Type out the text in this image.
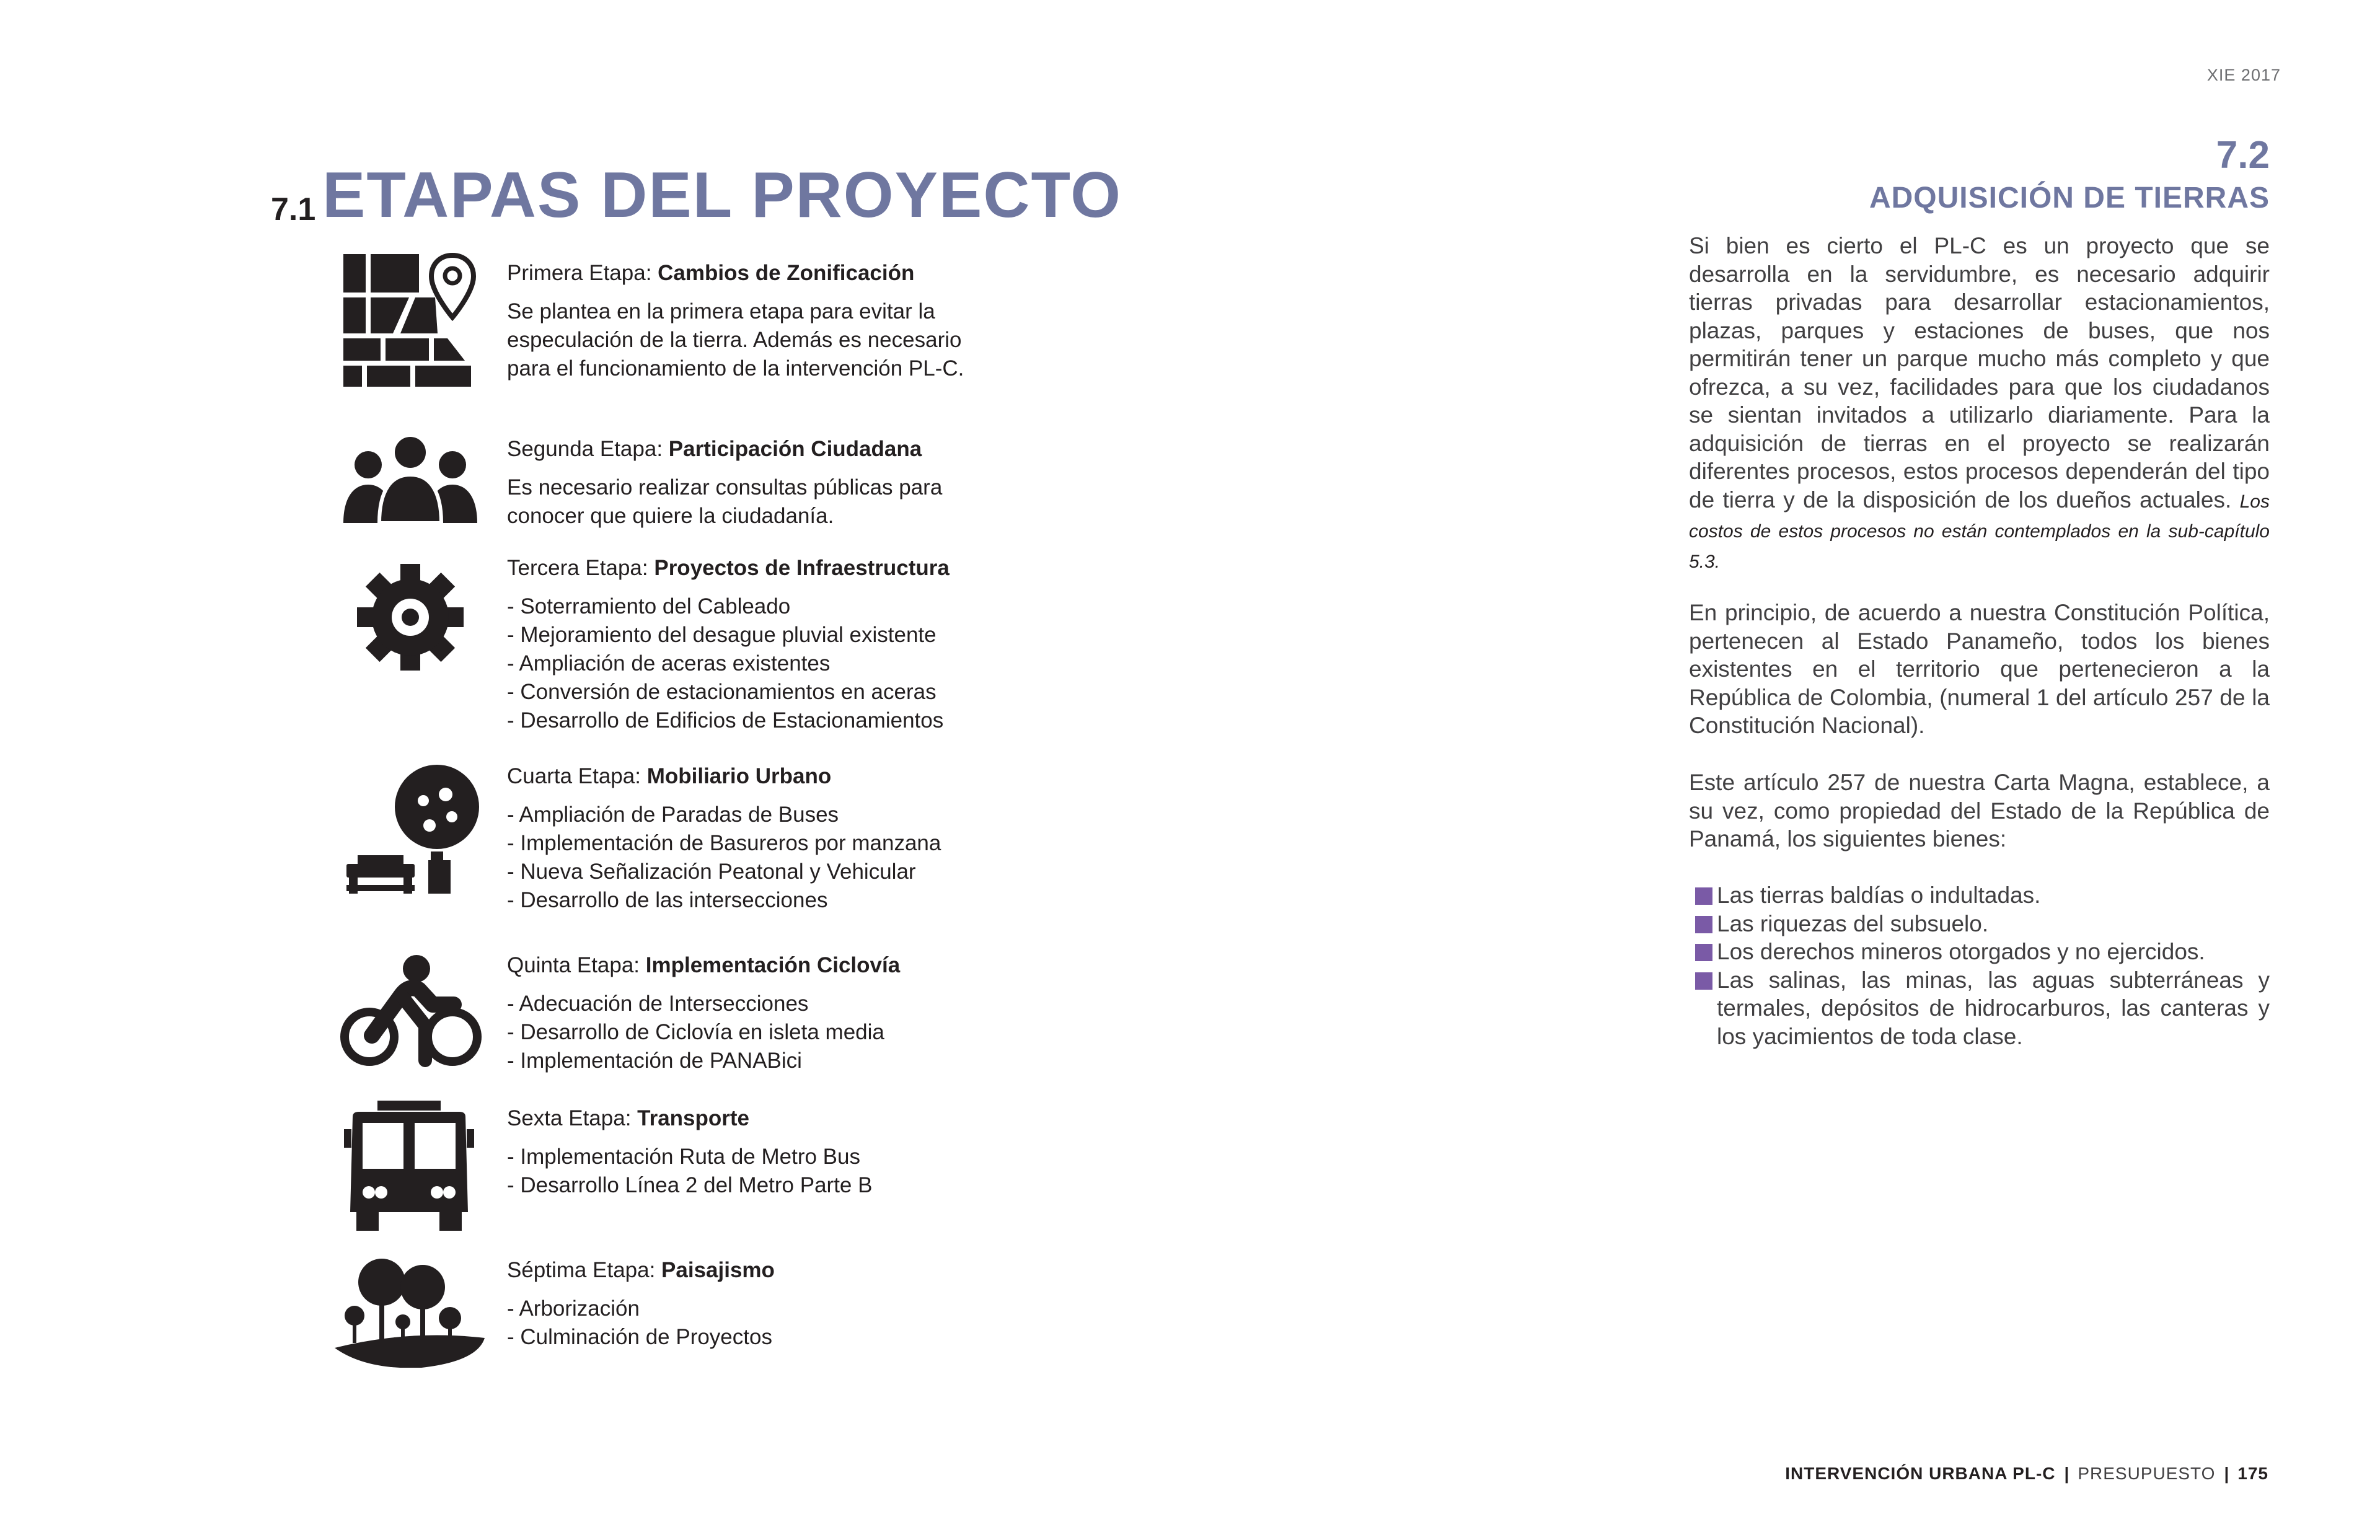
XIE 2017
7.1 ETAPAS DEL PROYECTO

Primera Etapa: Cambios de Zonificación

Se plantea en la primera etapa para evitar la especulación de la tierra. Además es necesario para el funcionamiento de la intervención PL-C.

Segunda Etapa: Participación Ciudadana

Es necesario realizar consultas públicas para conocer que quiere la ciudadanía.

Tercera Etapa: Proyectos de Infraestructura

- Soterramiento del Cableado
- Mejoramiento del desague pluvial existente
- Ampliación de aceras existentes
- Conversión de estacionamientos en aceras
- Desarrollo de Edificios de Estacionamientos

Cuarta Etapa: Mobiliario Urbano

- Ampliación de Paradas de Buses
- Implementación de Basureros por manzana
- Nueva Señalización Peatonal y Vehicular
- Desarrollo de las intersecciones

Quinta Etapa: Implementación Ciclovía

- Adecuación de Intersecciones
- Desarrollo de Ciclovía en isleta media
- Implementación de PANABici

Sexta Etapa: Transporte

- Implementación Ruta de Metro Bus
- Desarrollo Línea 2 del Metro Parte B

Séptima Etapa: Paisajismo

- Arborización
- Culminación de Proyectos
7.2
ADQUISICIÓN DE TIERRAS

Si bien es cierto el PL-C es un proyecto que se desarrolla en la servidumbre, es necesario adquirir tierras privadas para desarrollar estacionamientos, plazas, parques y estaciones de buses, que nos permitirán tener un parque mucho más completo y que ofrezca, a su vez, facilidades para que los ciudadanos se sientan invitados a utilizarlo diariamente. Para la adquisición de tierras en el proyecto se realizarán diferentes procesos, estos procesos dependerán del tipo de tierra y de la disposición de los dueños actuales. Los costos de estos procesos no están contemplados en la sub-capítulo 5.3.

En principio, de acuerdo a nuestra Constitución Política, pertenecen al Estado Panameño, todos los bienes existentes en el territorio que pertenecieron a la República de Colombia, (numeral 1 del artículo 257 de la Constitución Nacional).

Este artículo 257 de nuestra Carta Magna, establece, a su vez, como propiedad del Estado de la República de Panamá, los siguientes bienes:

Las tierras baldías o indultadas.
Las riquezas del subsuelo.
Los derechos mineros otorgados y no ejercidos.
Las salinas, las minas, las aguas subterráneas y termales, depósitos de hidrocarburos, las canteras y los yacimientos de toda clase.
INTERVENCIÓN URBANA PL-C | PRESUPUESTO | 175
